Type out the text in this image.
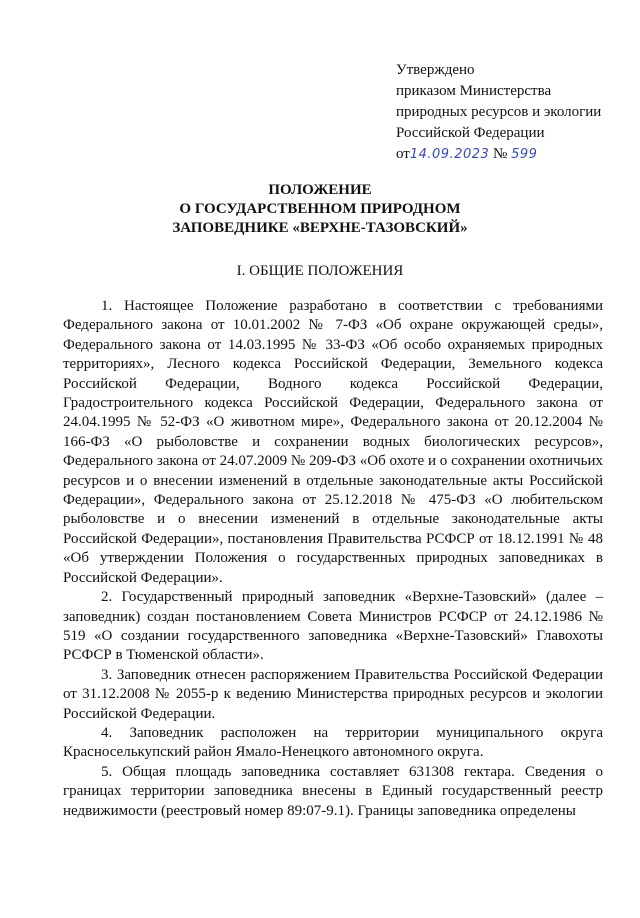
Утверждено
приказом Министерства
природных ресурсов и экологии
Российской Федерации
от14.09.2023 № 599
ПОЛОЖЕНИЕ
О ГОСУДАРСТВЕННОМ ПРИРОДНОМ
ЗАПОВЕДНИКЕ «ВЕРХНЕ-ТАЗОВСКИЙ»
I. ОБЩИЕ ПОЛОЖЕНИЯ

1. Настоящее Положение разработано в соответствии с требованиями Федерального закона от 10.01.2002 № 7-ФЗ «Об охране окружающей среды», Федерального закона от 14.03.1995 № 33-ФЗ «Об особо охраняемых природных территориях», Лесного кодекса Российской Федерации, Земельного кодекса Российской Федерации, Водного кодекса Российской Федерации, Градостроительного кодекса Российской Федерации, Федерального закона от 24.04.1995 № 52-ФЗ «О животном мире», Федерального закона от 20.12.2004 № 166-ФЗ «О рыболовстве и сохранении водных биологических ресурсов», Федерального закона от 24.07.2009 № 209-ФЗ «Об охоте и о сохранении охотничьих ресурсов и о внесении изменений в отдельные законодательные акты Российской Федерации», Федерального закона от 25.12.2018 № 475-ФЗ «О любительском рыболовстве и о внесении изменений в отдельные законодательные акты Российской Федерации», постановления Правительства РСФСР от 18.12.1991 № 48 «Об утверждении Положения о государственных природных заповедниках в Российской Федерации».

2. Государственный природный заповедник «Верхне-Тазовский» (далее – заповедник) создан постановлением Совета Министров РСФСР от 24.12.1986 № 519 «О создании государственного заповедника «Верхне-Тазовский» Главохоты РСФСР в Тюменской области».

3. Заповедник отнесен распоряжением Правительства Российской Федерации от 31.12.2008 № 2055-р к ведению Министерства природных ресурсов и экологии Российской Федерации.

4. Заповедник расположен на территории муниципального округа Красноселькупский район Ямало-Ненецкого автономного округа.

5. Общая площадь заповедника составляет 631308 гектара. Сведения о границах территории заповедника внесены в Единый государственный реестр недвижимости (реестровый номер 89:07-9.1). Границы заповедника определены
